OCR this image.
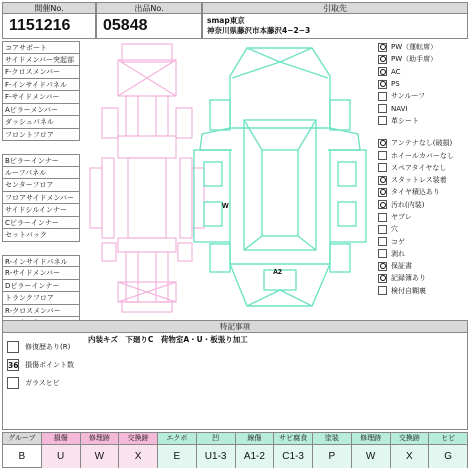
開催No.
1151216
出品No.
05848
引取先
smap東京
神奈川県藤沢市本藤沢4−2−3
コアサポート
サイドメンバー突起部
F-クロスメンバー
F-インサイドパネル
F-サイドメンバー
Aピラーメンバー
ダッシュパネル
フロントフロア
Bピラーインナー
ルーフパネル
センターフロア
フロアサイドメンバー
サイドシルインナー
Cピラーインナー
セットバック
R-インサイドパネル
R-サイドメンバー
Dピラーインナー
トランクフロア
R-クロスメンバー
W
A2
PW（運転席）
PW（助手席）
AC
PS
サンルーフ
NAVI
革シート
アンテナなし(破損)
ホイールカバーなし
スペアタイヤなし
スタットレス装着
タイヤ積込あり
汚れ(内装)
ヤブレ
穴
コゲ
剥れ
保証書
記録簿あり
検付自糊裏
特記事項
内装キズ　下廻りC　荷物室A・U・板張り加工
修復歴あり(R)
36 損傷ポイント数
ガラスヒビ
グループ
B
損傷
U
修理跡
W
交換跡
X
エクボ
E
凹
U1-3
線傷
A1-2
サビ腐食
C1-3
塗装
P
修理跡
W
交換跡
X
ヒビ
G
